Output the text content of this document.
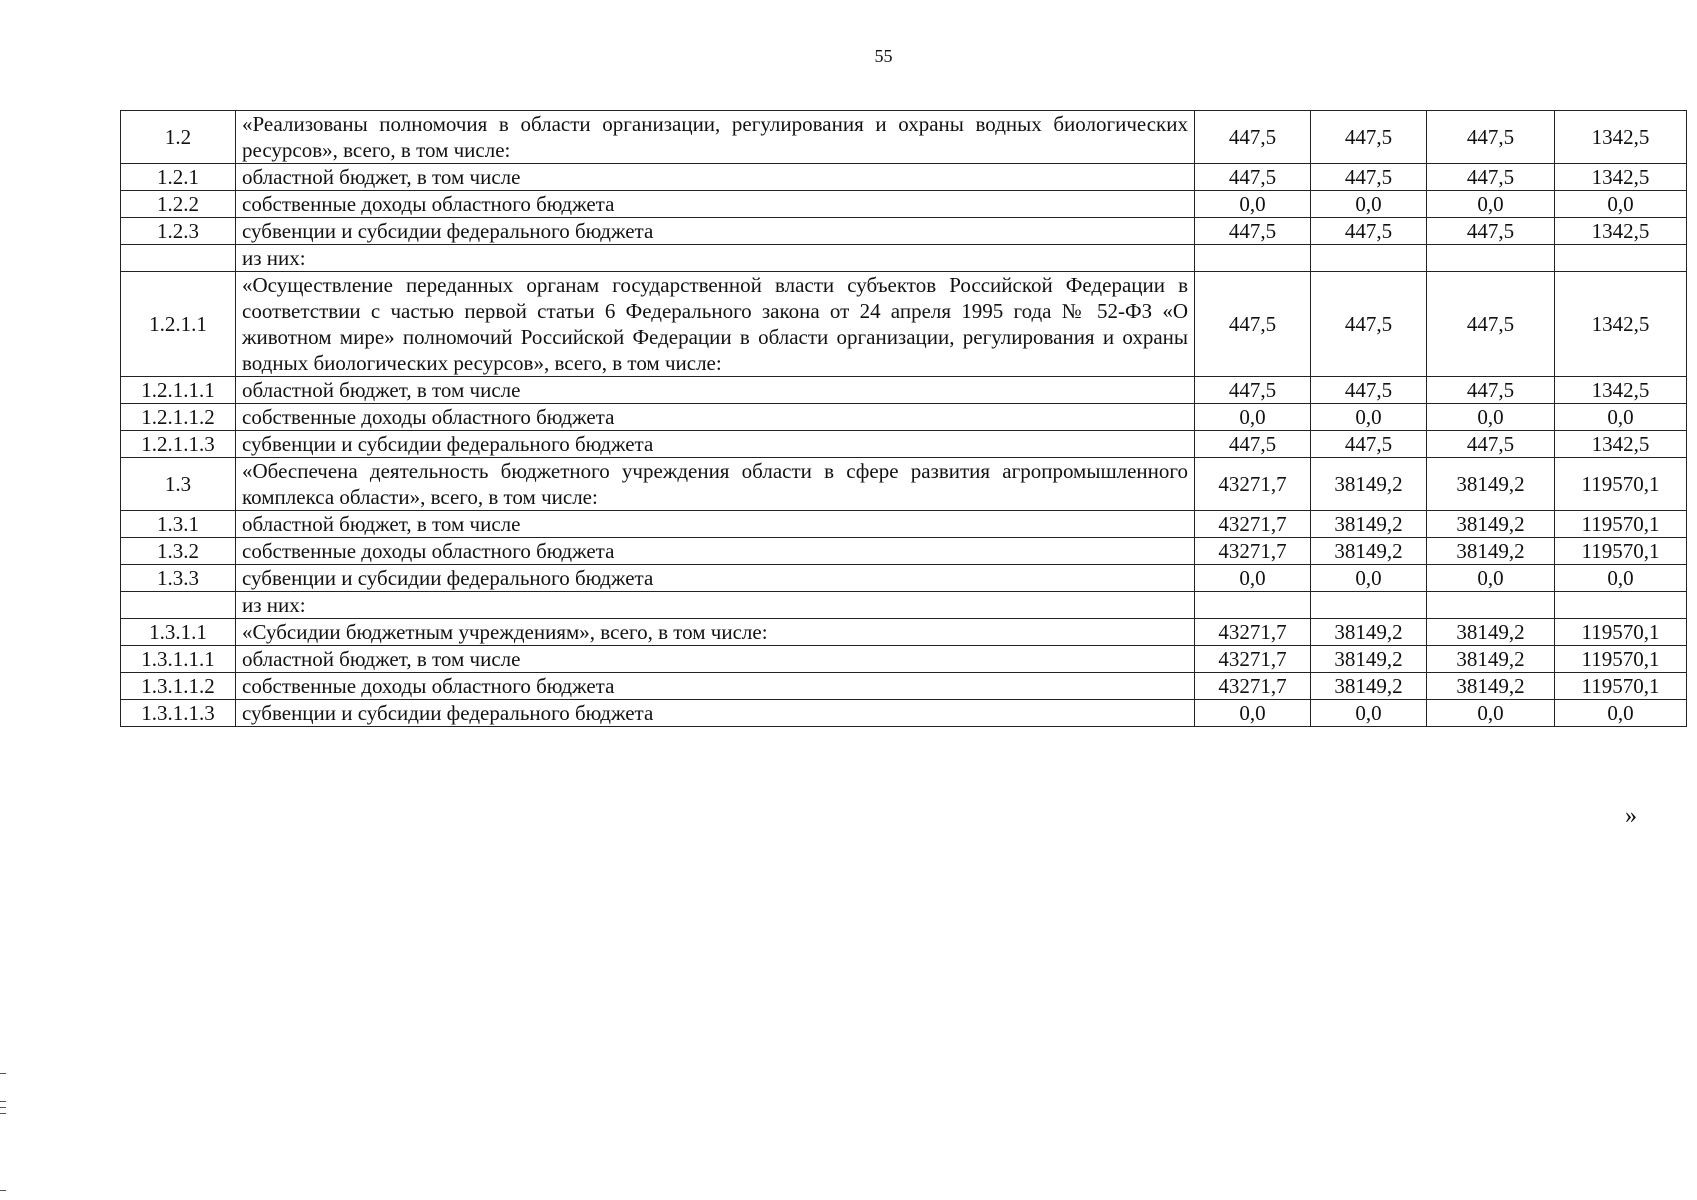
55
1.2	«Реализованы полномочия в области организации, регулирования и охраны водных биологических ресурсов», всего, в том числе:	447,5	447,5	447,5	1342,5
1.2.1	областной бюджет, в том числе	447,5	447,5	447,5	1342,5
1.2.2	собственные доходы областного бюджета	0,0	0,0	0,0	0,0
1.2.3	субвенции и субсидии федерального бюджета	447,5	447,5	447,5	1342,5
	из них:				
1.2.1.1	«Осуществление переданных органам государственной власти субъектов Российской Федерации в соответствии с частью первой статьи 6 Федерального закона от 24 апреля 1995 года № 52-ФЗ «О животном мире» полномочий Российской Федерации в области организации, регулирования и охраны водных биологических ресурсов», всего, в том числе:	447,5	447,5	447,5	1342,5
1.2.1.1.1	областной бюджет, в том числе	447,5	447,5	447,5	1342,5
1.2.1.1.2	собственные доходы областного бюджета	0,0	0,0	0,0	0,0
1.2.1.1.3	субвенции и субсидии федерального бюджета	447,5	447,5	447,5	1342,5
1.3	«Обеспечена деятельность бюджетного учреждения области в сфере развития агропромышленного комплекса области», всего, в том числе:	43271,7	38149,2	38149,2	119570,1
1.3.1	областной бюджет, в том числе	43271,7	38149,2	38149,2	119570,1
1.3.2	собственные доходы областного бюджета	43271,7	38149,2	38149,2	119570,1
1.3.3	субвенции и субсидии федерального бюджета	0,0	0,0	0,0	0,0
	из них:				
1.3.1.1	«Субсидии бюджетным учреждениям», всего, в том числе:	43271,7	38149,2	38149,2	119570,1
1.3.1.1.1	областной бюджет, в том числе	43271,7	38149,2	38149,2	119570,1
1.3.1.1.2	собственные доходы областного бюджета	43271,7	38149,2	38149,2	119570,1
1.3.1.1.3	субвенции и субсидии федерального бюджета	0,0	0,0	0,0	0,0
»
